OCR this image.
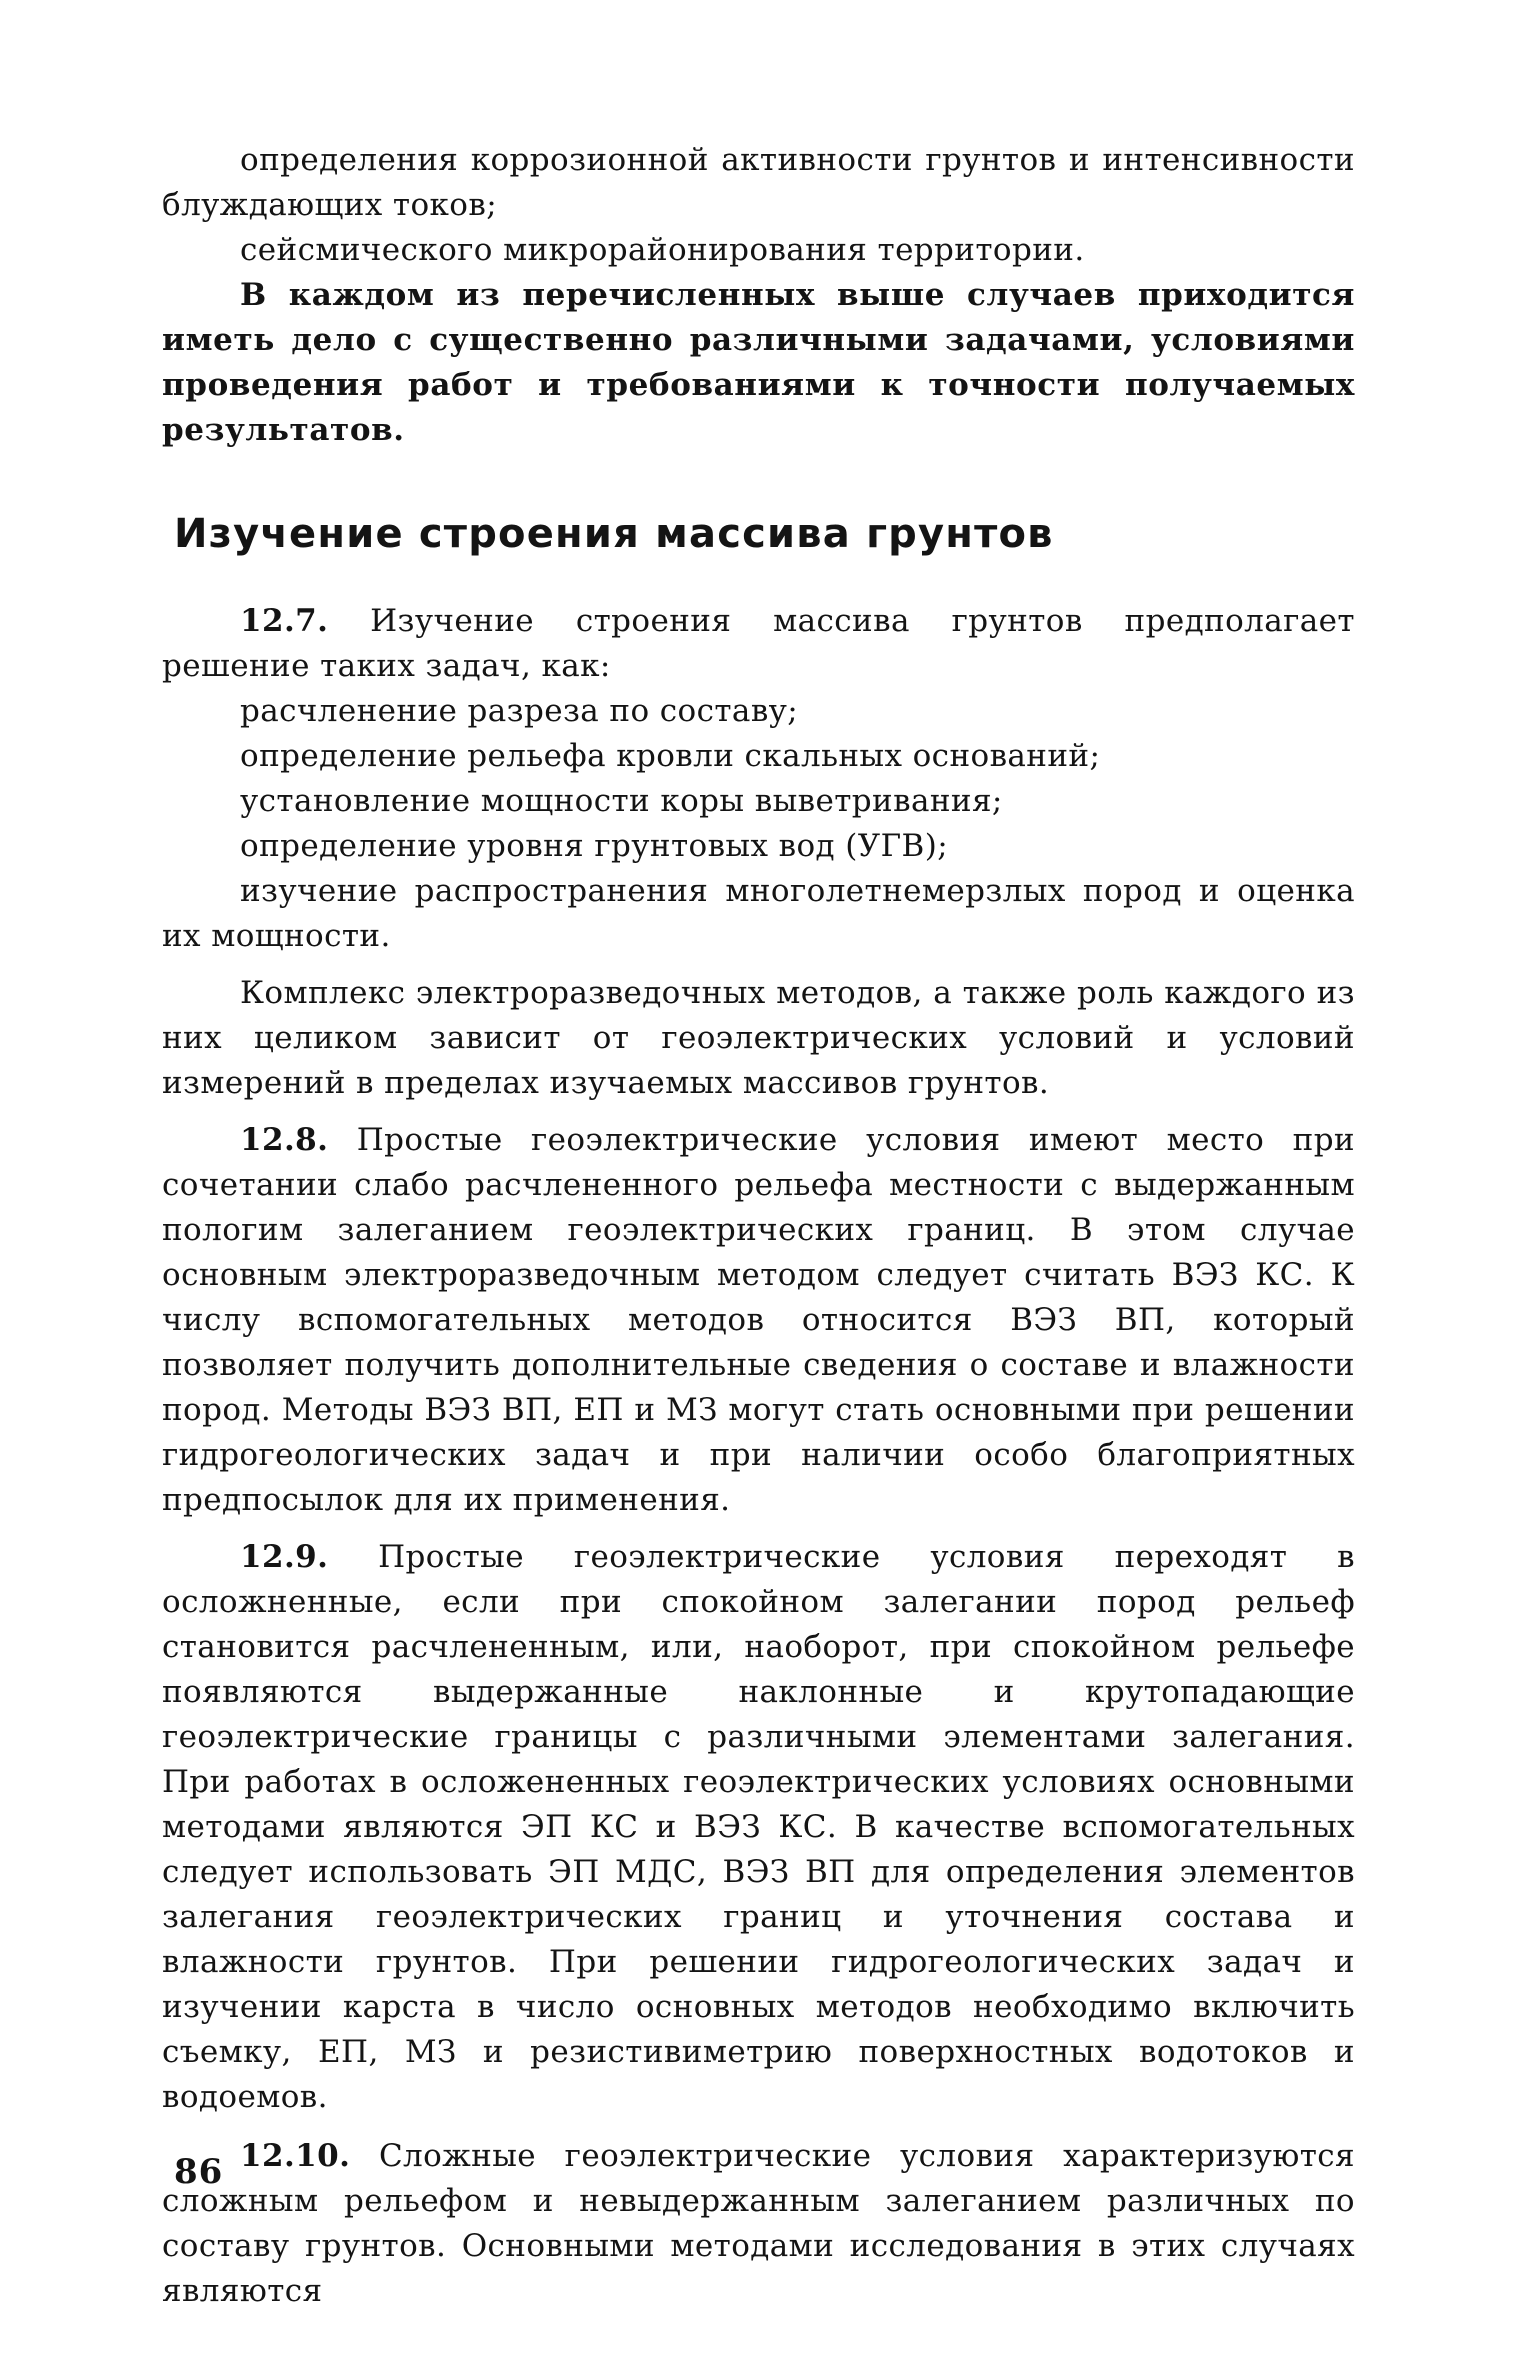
определения коррозионной активности грунтов и интенсивности блуждающих токов;

сейсмического микрорайонирования территории.

В каждом из перечисленных выше случаев приходится иметь дело с существенно различными задачами, условиями проведения работ и требованиями к точности получаемых результатов.

Изучение строения массива грунтов

12.7. Изучение строения массива грунтов предполагает решение таких задач, как:

расчленение разреза по составу;

определение рельефа кровли скальных оснований;

установление мощности коры выветривания;

определение уровня грунтовых вод (УГВ);

изучение распространения многолетнемерзлых пород и оценка их мощности.

Комплекс электроразведочных методов, а также роль каждого из них целиком зависит от геоэлектрических условий и условий измерений в пределах изучаемых массивов грунтов.

12.8. Простые геоэлектрические условия имеют место при сочетании слабо расчлененного рельефа местности с выдержанным пологим залеганием геоэлектрических границ. В этом случае основным электроразведочным методом следует считать ВЭЗ КС. К числу вспомогательных методов относится ВЭЗ ВП, который позволяет получить дополнительные сведения о составе и влажности пород. Методы ВЭЗ ВП, ЕП и МЗ могут стать основными при решении гидрогеологических задач и при наличии особо благоприятных предпосылок для их применения.

12.9. Простые геоэлектрические условия переходят в осложненные, если при спокойном залегании пород рельеф становится расчлененным, или, наоборот, при спокойном рельефе появляются выдержанные наклонные и крутопадающие геоэлектрические границы с различными элементами залегания. При работах в осложененных геоэлектрических условиях основными методами являются ЭП КС и ВЭЗ КС. В качестве вспомогательных следует использовать ЭП МДС, ВЭЗ ВП для определения элементов залегания геоэлектрических границ и уточнения состава и влажности грунтов. При решении гидрогеологических задач и изучении карста в число основных методов необходимо включить съемку, ЕП, МЗ и резистивиметрию поверхностных водотоков и водоемов.

12.10. Сложные геоэлектрические условия характеризуются сложным рельефом и невыдержанным залеганием различных по составу грунтов. Основными методами исследования в этих случаях являются

86
